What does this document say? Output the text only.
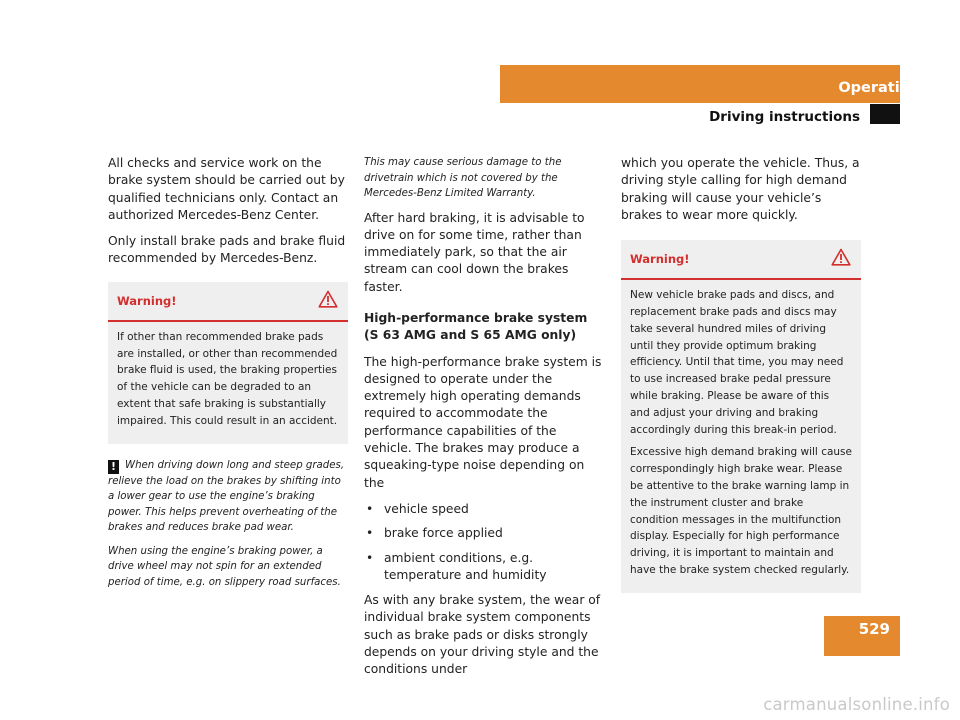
Operation
Driving instructions

All checks and service work on the brake system should be carried out by qualified technicians only. Contact an authorized Mercedes-Benz Center.

Only install brake pads and brake fluid recommended by Mercedes-Benz.

Warning!

If other than recommended brake pads are installed, or other than recommended brake fluid is used, the braking properties of the vehicle can be degraded to an extent that safe braking is substantially impaired. This could result in an accident.

! When driving down long and steep grades, relieve the load on the brakes by shifting into a lower gear to use the engine’s braking power. This helps prevent overheating of the brakes and reduces brake pad wear.

When using the engine’s braking power, a drive wheel may not spin for an extended period of time, e.g. on slippery road surfaces.

This may cause serious damage to the drivetrain which is not covered by the Mercedes-Benz Limited Warranty.

After hard braking, it is advisable to drive on for some time, rather than immediately park, so that the air stream can cool down the brakes faster.

High-performance brake system
(S 63 AMG and S 65 AMG only)

The high-performance brake system is designed to operate under the extremely high operating demands required to accommodate the performance capabilities of the vehicle. The brakes may produce a squeaking-type noise depending on the

• vehicle speed
• brake force applied
• ambient conditions, e.g. temperature and humidity

As with any brake system, the wear of individual brake system components such as brake pads or disks strongly depends on your driving style and the conditions under

which you operate the vehicle. Thus, a driving style calling for high demand braking will cause your vehicle’s brakes to wear more quickly.

Warning!

New vehicle brake pads and discs, and replacement brake pads and discs may take several hundred miles of driving until they provide optimum braking efficiency. Until that time, you may need to use increased brake pedal pressure while braking. Please be aware of this and adjust your driving and braking accordingly during this break-in period.

Excessive high demand braking will cause correspondingly high brake wear. Please be attentive to the brake warning lamp in the instrument cluster and brake condition messages in the multifunction display. Especially for high performance driving, it is important to maintain and have the brake system checked regularly.

529
carmanualsonline.info
